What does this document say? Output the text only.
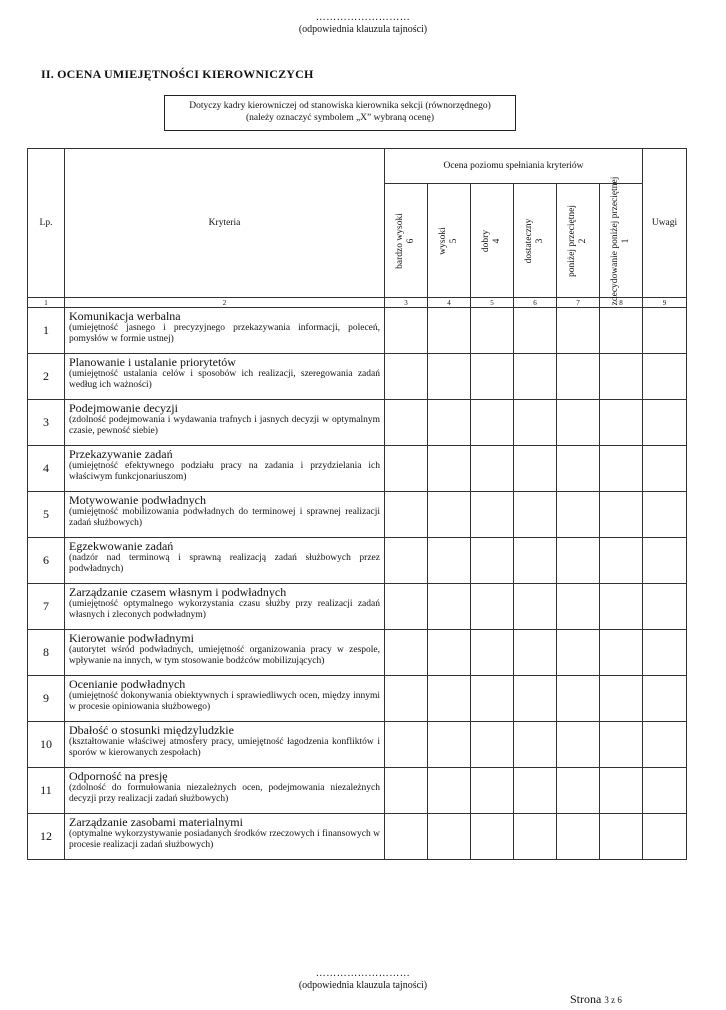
………………………
(odpowiednia klauzula tajności)
II. OCENA UMIEJĘTNOŚCI KIEROWNICZYCH
Dotyczy kadry kierowniczej od stanowiska kierownika sekcji (równorzędnego)
(należy oznaczyć symbolem „X” wybraną ocenę)
Lp.	Kryteria	Ocena poziomu spełniania kryteriów						Uwagi

		bardzo wysoki 6	wysoki 5	dobry 4	dostateczny 3	poniżej przeciętnej 2	zdecydowanie poniżej przeciętnej 1	

1	2	3	4	5	6	7	8	9
1	Komunikacja werbalna
(umiejętność jasnego i precyzyjnego przekazywania informacji, poleceń, pomysłów w formie ustnej)							

2	Planowanie i ustalanie priorytetów
(umiejętność ustalania celów i sposobów ich realizacji, szeregowania zadań według ich ważności)							

3	Podejmowanie decyzji
(zdolność podejmowania i wydawania trafnych i jasnych decyzji w optymalnym czasie, pewność siebie)							

4	Przekazywanie zadań
(umiejętność efektywnego podziału pracy na zadania i przydzielania ich właściwym funkcjonariuszom)							

5	Motywowanie podwładnych
(umiejętność mobilizowania podwładnych do terminowej i sprawnej realizacji zadań służbowych)							

6	Egzekwowanie zadań
(nadzór nad terminową i sprawną realizacją zadań służbowych przez podwładnych)							

7	Zarządzanie czasem własnym i podwładnych
(umiejętność optymalnego wykorzystania czasu służby przy realizacji zadań własnych i zleconych podwładnym)							

8	Kierowanie podwładnymi
(autorytet wśród podwładnych, umiejętność organizowania pracy w zespole, wpływanie na innych, w tym stosowanie bodźców mobilizujących)							

9	Ocenianie podwładnych
(umiejętność dokonywania obiektywnych i sprawiedliwych ocen, między innymi w procesie opiniowania służbowego)							

10	Dbałość o stosunki międzyludzkie
(kształtowanie właściwej atmosfery pracy, umiejętność łagodzenia konfliktów i sporów w kierowanych zespołach)							

11	Odporność na presję
(zdolność do formułowania niezależnych ocen, podejmowania niezależnych decyzji przy realizacji zadań służbowych)							

12	Zarządzanie zasobami materialnymi
(optymalne wykorzystywanie posiadanych środków rzeczowych i finansowych w procesie realizacji zadań służbowych)							

………………………
(odpowiednia klauzula tajności)
Strona 3 z 6
